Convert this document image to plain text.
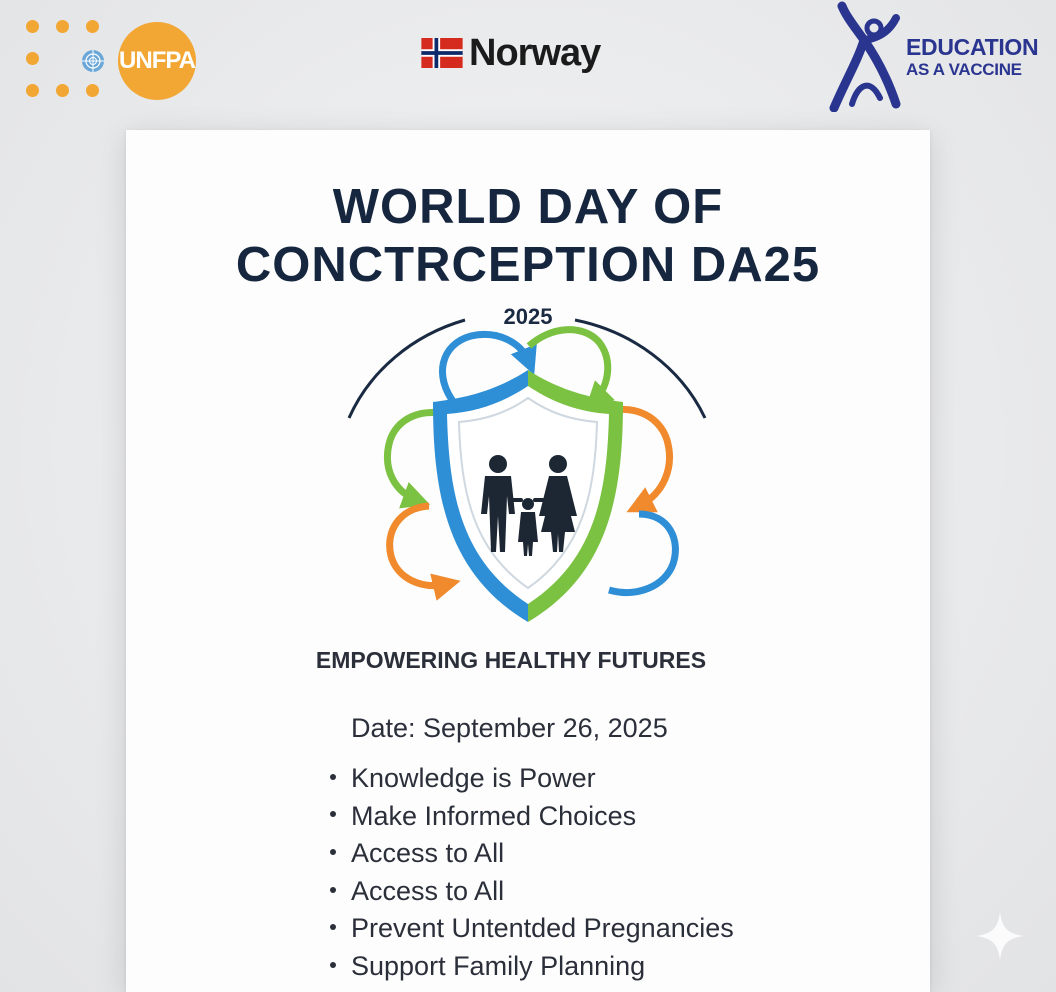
UNFPA	Norway	EDUCATION
AS A VACCINE
WORLD DAY OF
CONCTRCEPTION DA25
2025
EMPOWERING HEALTHY FUTURES
Date: September 26, 2025
Knowledge is Power
Make Informed Choices
Access to All
Access to All
Prevent Untentded Pregnancies
Support Family Planning
